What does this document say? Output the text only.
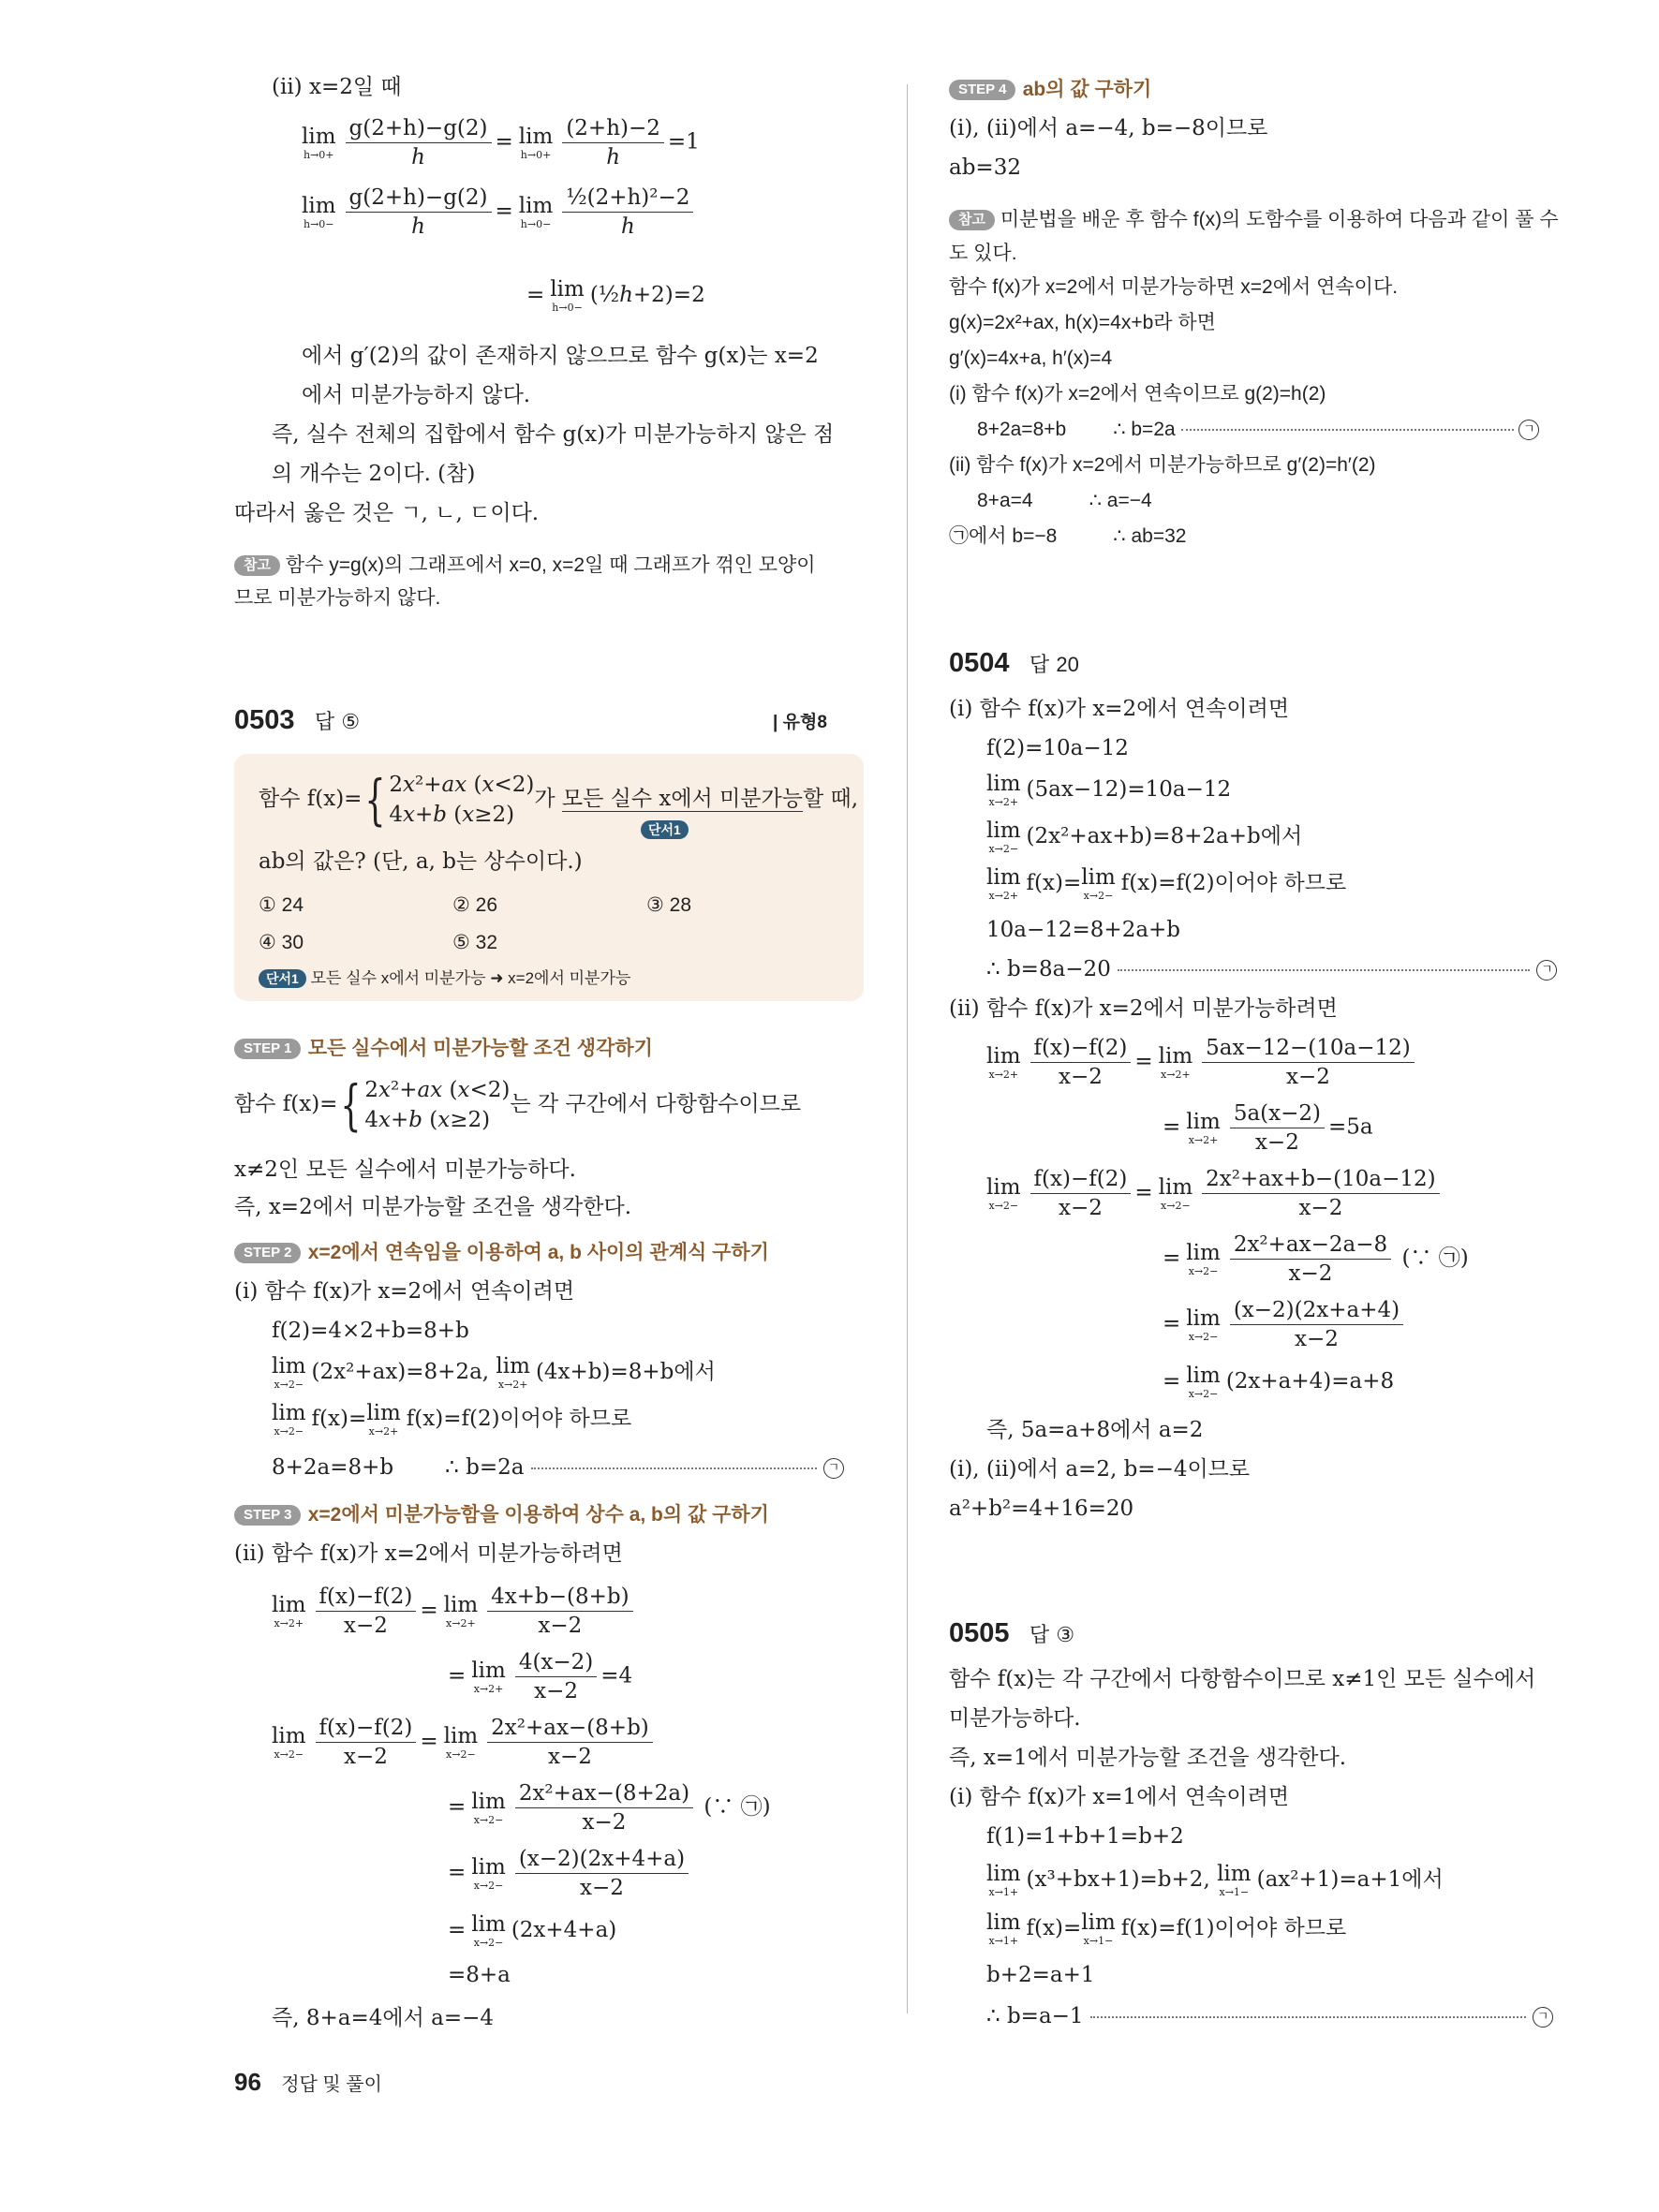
(ii) x=2일 때
lim
$h\to 0+ \frac{g(2+h)-g(2)}{h} = \lim$
$h\to 0+ \frac{(2+h)-2}{h} =1$
lim
$h\to 0- \frac{g(2+h)-g(2)}{h} = \lim$
$h\to 0- \frac{\text{½(2+h)²−2}}{h}$
= lim
h→0−
(½h+2)=2
에서 g′(2)의 값이 존재하지 않으므로 함수 g(x)는 x=2
에서 미분가능하지 않다.
즉, 실수 전체의 집합에서 함수 g(x)가 미분가능하지 않은 점
의 개수는 2이다. (참)
따라서 옳은 것은 ㄱ, ㄴ, ㄷ이다.
참고 함수 y=g(x)의 그래프에서 x=0, x=2일 때 그래프가 꺾인 모양이
므로 미분가능하지 않다.
0503 답 ⑤	| 유형8
함수 f(x)={ 2x²+ax (x<2)
4x+b (x≥2)
가 모든 실수 x에서 미분가능할 때,
단서1
ab의 값은? (단, a, b는 상수이다.)
① 24	② 26	③ 28
④ 30	⑤ 32
단서1 모든 실수 x에서 미분가능 ➜ x=2에서 미분가능
STEP 1 모든 실수에서 미분가능할 조건 생각하기
함수 f(x)={ 2x²+ax (x<2)
4x+b (x≥2)
는 각 구간에서 다항함수이므로
x≠2인 모든 실수에서 미분가능하다.
즉, x=2에서 미분가능할 조건을 생각한다.
STEP 2 x=2에서 연속임을 이용하여 a, b 사이의 관계식 구하기
(i) 함수 f(x)가 x=2에서 연속이려면
f(2)=4×2+b=8+b
lim
x→2−
(2x²+ax)=8+2a, lim
x→2+
(4x+b)=8+b에서
lim
x→2−
f(x)= lim
x→2+
f(x)=f(2)이어야 하므로
8+2a=8+b ∴ b=2a	ㄱ
STEP 3 x=2에서 미분가능함을 이용하여 상수 a, b의 값 구하기
(ii) 함수 f(x)가 x=2에서 미분가능하려면
lim
$x\to 2+ \frac{f(x)-f(2)}{x-2} = \lim$
$x\to 2+ \frac{4x+b-(8+b)}{x-2}$
= lim
$x\to 2+ \frac{4(x-2)}{x-2} =4$
lim
$x\to 2- \frac{f(x)-f(2)}{x-2} = \lim$
$x\to 2- \frac{\text{2x²+ax−(8+b)}}{x-2}$
= lim
$x\to 2- \frac{\text{2x²+ax−(8+2a)}}{x-2}$ (∵ ㉠)
= lim
$x\to 2- \frac{(x-2)(2x+4+a)}{x-2}$
= lim
x→2−
(2x+4+a)
=8+a
즉, 8+a=4에서 a=−4
96 정답 및 풀이
STEP 4 ab의 값 구하기
(i), (ii)에서 a=−4, b=−8이므로
ab=32
참고 미분법을 배운 후 함수 f(x)의 도함수를 이용하여 다음과 같이 풀 수
도 있다.
함수 f(x)가 x=2에서 미분가능하면 x=2에서 연속이다.
g(x)=2x²+ax, h(x)=4x+b라 하면
g′(x)=4x+a, h′(x)=4
(i) 함수 f(x)가 x=2에서 연속이므로 g(2)=h(2)
8+2a=8+b ∴ b=2a	ㄱ
(ii) 함수 f(x)가 x=2에서 미분가능하므로 g′(2)=h′(2)
8+a=4	∴ a=−4
㉠에서 b=−8	∴ ab=32
0504 답 20
(i) 함수 f(x)가 x=2에서 연속이려면
f(2)=10a−12
lim
x→2+
(5ax−12)=10a−12
lim
x→2−
(2x²+ax+b)=8+2a+b에서
lim
x→2+
f(x)= lim
x→2−
f(x)=f(2)이어야 하므로
10a−12=8+2a+b
∴ b=8a−20	ㄱ
(ii) 함수 f(x)가 x=2에서 미분가능하려면
lim
$x\to 2+ \frac{f(x)-f(2)}{x-2} = \lim$
$x\to 2+ \frac{5ax-12-(10a-12)}{x-2}$
= lim
$x\to 2+ \frac{5a(x-2)}{x-2} =5a$
lim
$x\to 2- \frac{f(x)-f(2)}{x-2} = \lim$
$x\to 2- \frac{\text{2x²+ax+b−(10a−12)}}{x-2}$
= lim
$x\to 2- \frac{\text{2x²+ax−2a−8}}{x-2}$ (∵ ㉠)
= lim
$x\to 2- \frac{(x-2)(2x+a+4)}{x-2}$
= lim
x→2−
(2x+a+4)=a+8
즉, 5a=a+8에서 a=2
(i), (ii)에서 a=2, b=−4이므로
a²+b²=4+16=20
0505 답 ③
함수 f(x)는 각 구간에서 다항함수이므로 x≠1인 모든 실수에서
미분가능하다.
즉, x=1에서 미분가능할 조건을 생각한다.
(i) 함수 f(x)가 x=1에서 연속이려면
f(1)=1+b+1=b+2
lim
x→1+
(x³+bx+1)=b+2, lim
x→1−
(ax²+1)=a+1에서
lim
x→1+
f(x)= lim
x→1−
f(x)=f(1)이어야 하므로
b+2=a+1
∴ b=a−1	ㄱ
